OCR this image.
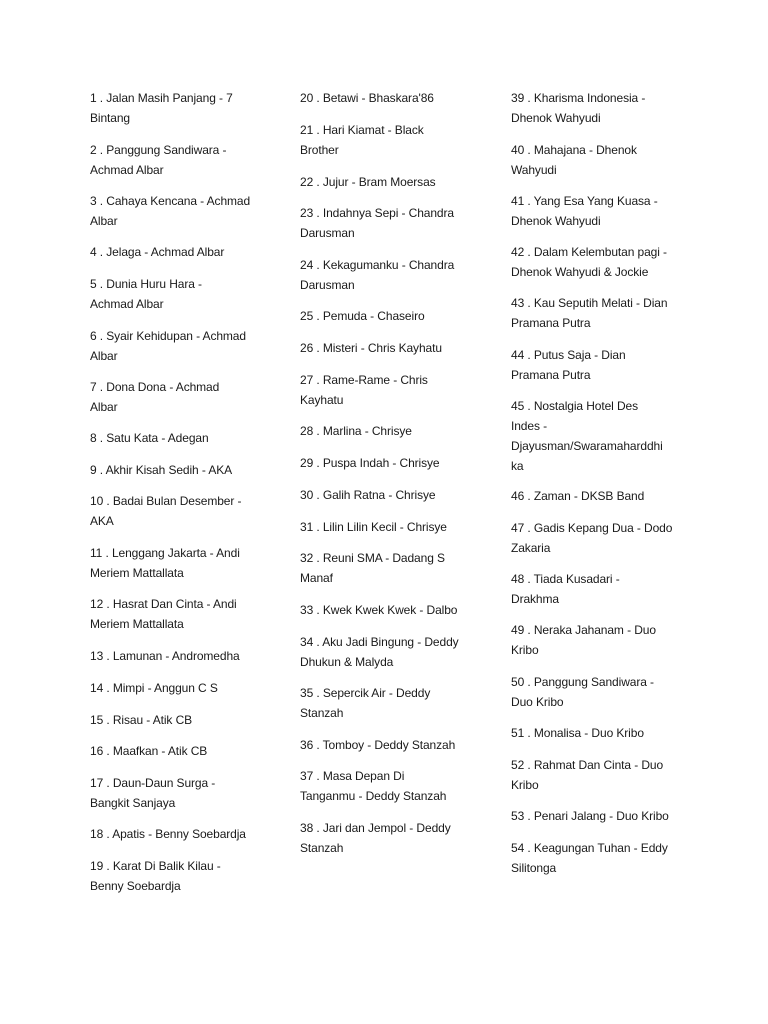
1 . Jalan Masih Panjang - 7
Bintang

2 . Panggung Sandiwara -
Achmad Albar

3 . Cahaya Kencana - Achmad
Albar

4 . Jelaga - Achmad Albar

5 . Dunia Huru Hara -
Achmad Albar

6 . Syair Kehidupan - Achmad
Albar

7 . Dona Dona - Achmad
Albar

8 . Satu Kata - Adegan

9 . Akhir Kisah Sedih - AKA

10 . Badai Bulan Desember -
AKA

11 . Lenggang Jakarta - Andi
Meriem Mattallata

12 . Hasrat Dan Cinta - Andi
Meriem Mattallata

13 . Lamunan - Andromedha

14 . Mimpi - Anggun C S

15 . Risau - Atik CB

16 . Maafkan - Atik CB

17 . Daun-Daun Surga -
Bangkit Sanjaya

18 . Apatis - Benny Soebardja

19 . Karat Di Balik Kilau -
Benny Soebardja

20 . Betawi - Bhaskara'86

21 . Hari Kiamat - Black
Brother

22 . Jujur - Bram Moersas

23 . Indahnya Sepi - Chandra
Darusman

24 . Kekagumanku - Chandra
Darusman

25 . Pemuda - Chaseiro

26 . Misteri - Chris Kayhatu

27 . Rame-Rame - Chris
Kayhatu

28 . Marlina - Chrisye

29 . Puspa Indah - Chrisye

30 . Galih Ratna - Chrisye

31 . Lilin Lilin Kecil - Chrisye

32 . Reuni SMA - Dadang S
Manaf

33 . Kwek Kwek Kwek - Dalbo

34 . Aku Jadi Bingung - Deddy
Dhukun & Malyda

35 . Sepercik Air - Deddy
Stanzah

36 . Tomboy - Deddy Stanzah

37 . Masa Depan Di
Tanganmu - Deddy Stanzah

38 . Jari dan Jempol - Deddy
Stanzah

39 . Kharisma Indonesia -
Dhenok Wahyudi

40 . Mahajana - Dhenok
Wahyudi

41 . Yang Esa Yang Kuasa -
Dhenok Wahyudi

42 . Dalam Kelembutan pagi -
Dhenok Wahyudi & Jockie

43 . Kau Seputih Melati - Dian
Pramana Putra

44 . Putus Saja - Dian
Pramana Putra

45 . Nostalgia Hotel Des
Indes -
Djayusman/Swaramaharddhi
ka

46 . Zaman - DKSB Band

47 . Gadis Kepang Dua - Dodo
Zakaria

48 . Tiada Kusadari -
Drakhma

49 . Neraka Jahanam - Duo
Kribo

50 . Panggung Sandiwara -
Duo Kribo

51 . Monalisa - Duo Kribo

52 . Rahmat Dan Cinta - Duo
Kribo

53 . Penari Jalang - Duo Kribo

54 . Keagungan Tuhan - Eddy
Silitonga
